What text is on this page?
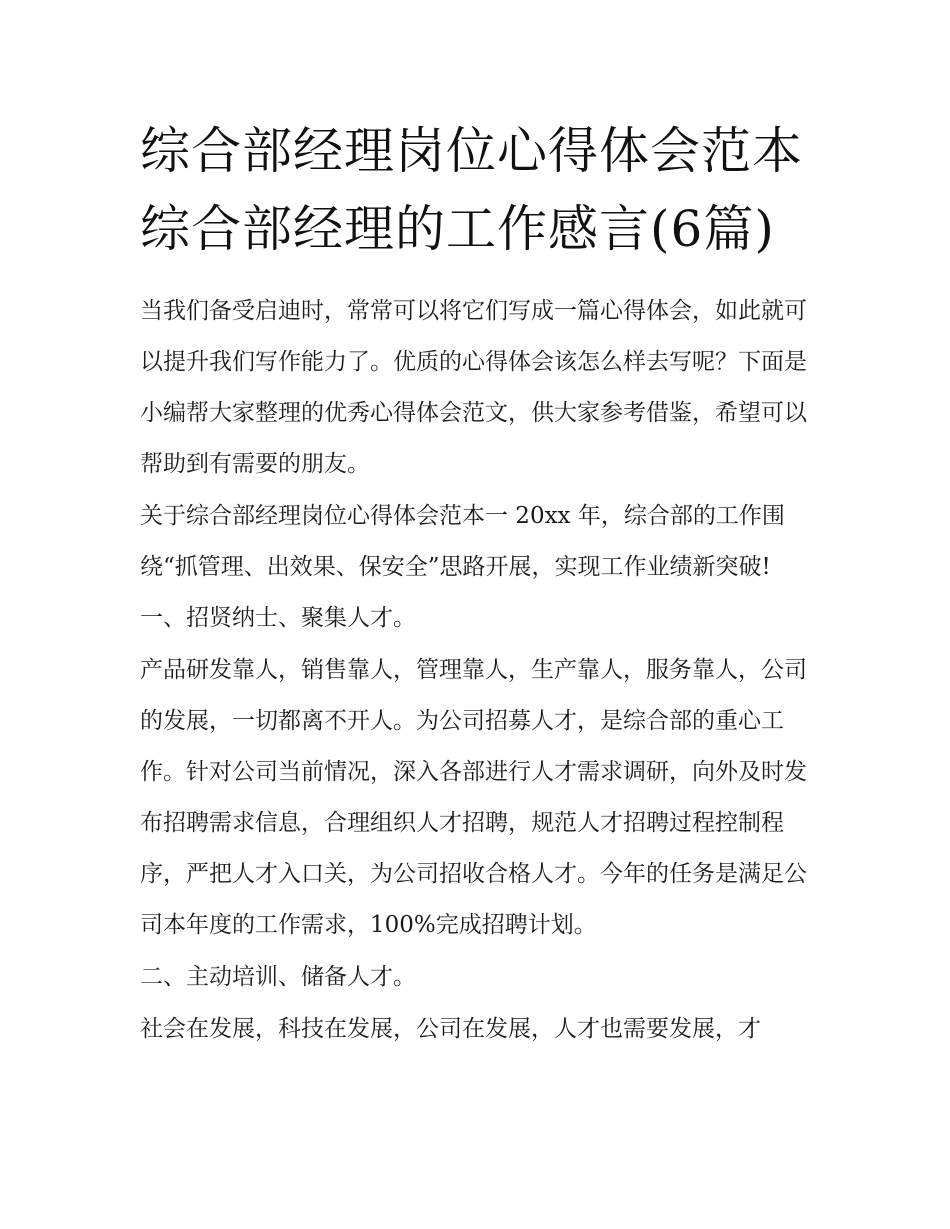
综合部经理岗位心得体会范本综合部经理的工作感言(6篇)

当我们备受启迪时，常常可以将它们写成一篇心得体会，如此就可以提升我们写作能力了。优质的心得体会该怎么样去写呢？下面是小编帮大家整理的优秀心得体会范文，供大家参考借鉴，希望可以帮助到有需要的朋友。

关于综合部经理岗位心得体会范本一 20xx 年，综合部的工作围绕“抓管理、出效果、保安全”思路开展，实现工作业绩新突破! 一、招贤纳士、聚集人才。

产品研发靠人，销售靠人，管理靠人，生产靠人，服务靠人，公司的发展，一切都离不开人。为公司招募人才，是综合部的重心工作。针对公司当前情况，深入各部进行人才需求调研，向外及时发布招聘需求信息，合理组织人才招聘，规范人才招聘过程控制程序，严把人才入口关，为公司招收合格人才。今年的任务是满足公司本年度的工作需求，100%完成招聘计划。

二、主动培训、储备人才。

社会在发展，科技在发展，公司在发展，人才也需要发展，才
